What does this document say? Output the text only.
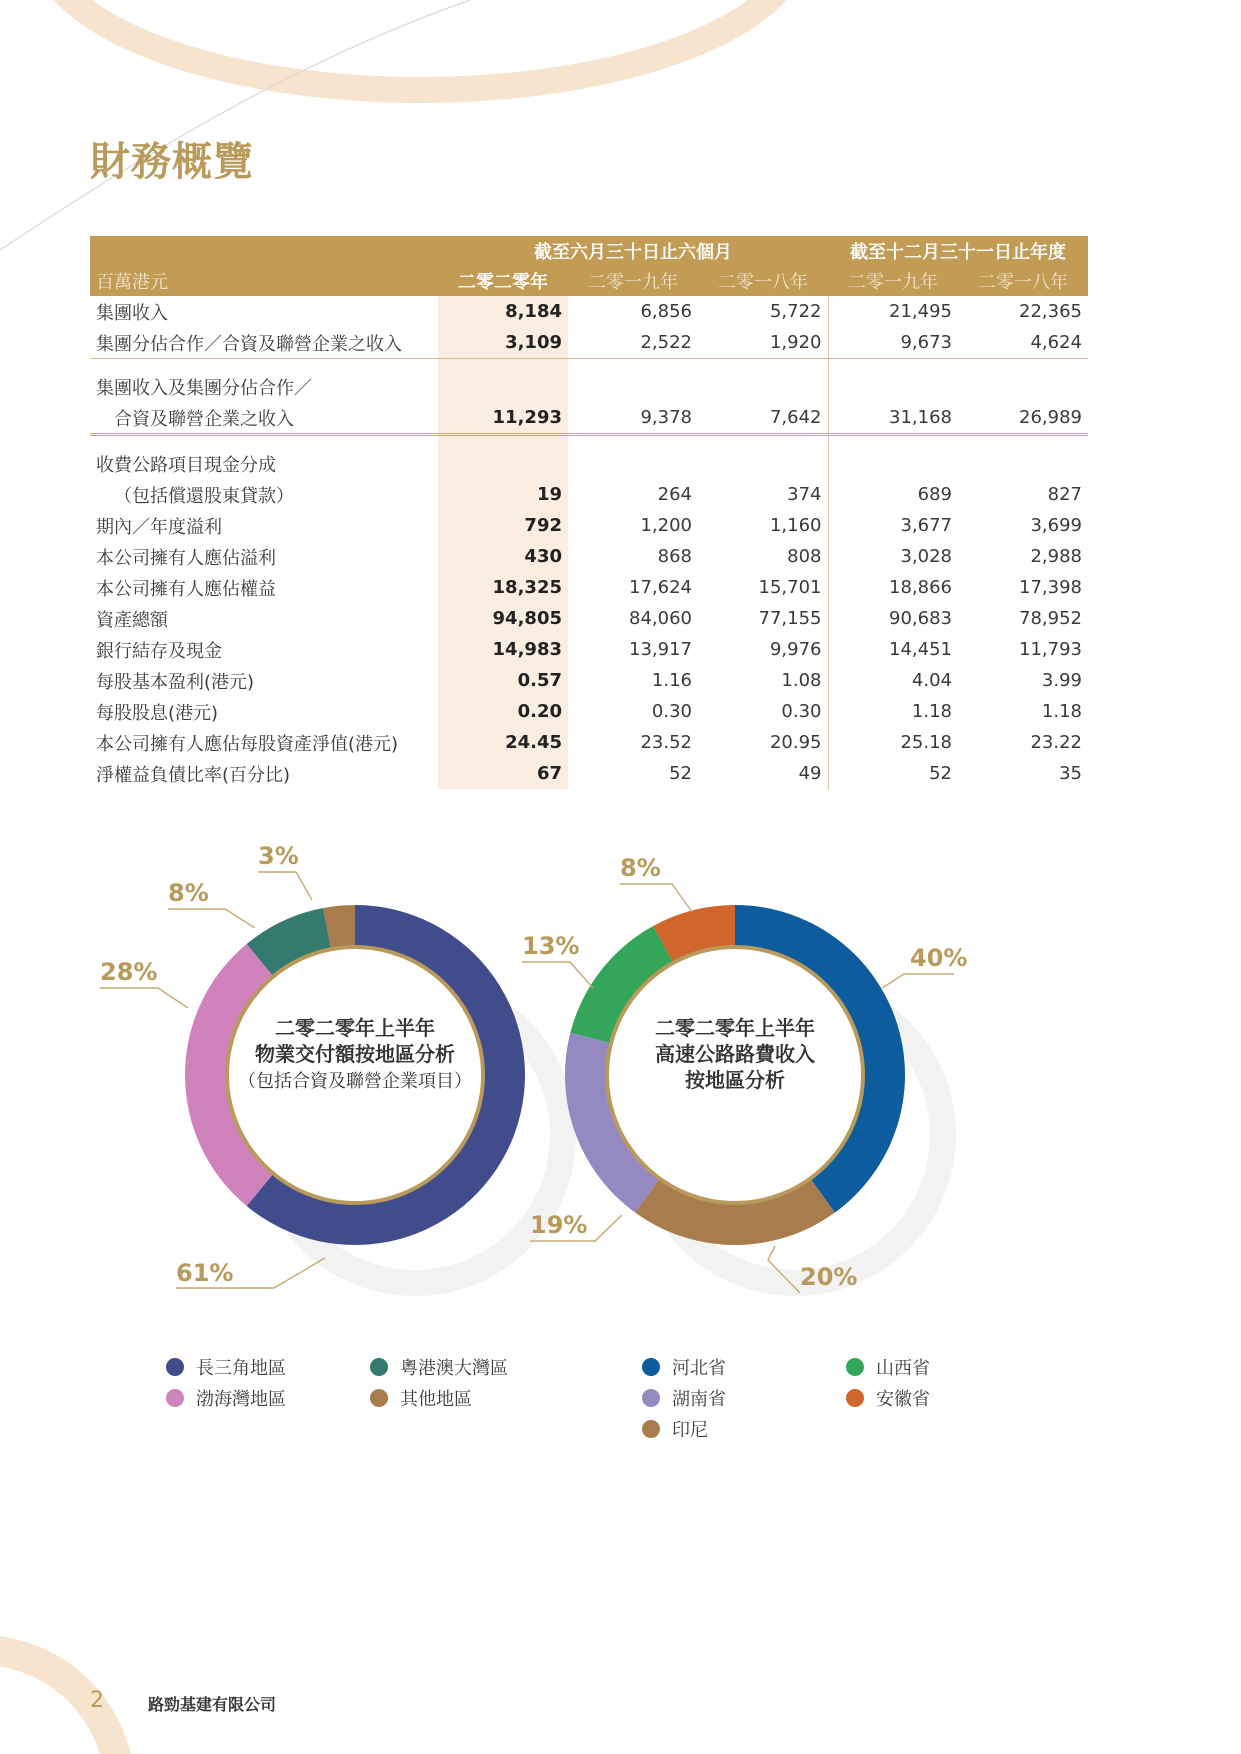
財務概覽
	截至六月三十日止六個月			截至十二月三十一日止年度	
百萬港元	二零二零年	二零一九年	二零一八年	二零一九年	二零一八年
集團收入	8,184	6,856	5,722	21,495	22,365
集團分佔合作／合資及聯營企業之收入	3,109	2,522	1,920	9,673	4,624

集團收入及集團分佔合作／					
合資及聯營企業之收入	11,293	9,378	7,642	31,168	26,989

收費公路項目現金分成					
（包括償還股東貸款）	19	264	374	689	827
期內／年度溢利	792	1,200	1,160	3,677	3,699
本公司擁有人應佔溢利	430	868	808	3,028	2,988
本公司擁有人應佔權益	18,325	17,624	15,701	18,866	17,398
資產總額	94,805	84,060	77,155	90,683	78,952
銀行結存及現金	14,983	13,917	9,976	14,451	11,793
每股基本盈利(港元)	0.57	1.16	1.08	4.04	3.99
每股股息(港元)	0.20	0.30	0.30	1.18	1.18
本公司擁有人應佔每股資產淨值(港元)	24.45	23.52	20.95	25.18	23.22
淨權益負債比率(百分比)	67	52	49	52	35
61%
28%
8%
3%
二零二零年上半年
物業交付額按地區分析
（包括合資及聯營企業項目）
40%
20%
19%
13%
8%
二零二零年上半年
高速公路路費收入
按地區分析
長三角地區	粵港澳大灣區
渤海灣地區	其他地區
河北省	山西省
湖南省	安徽省
印尼
2	路勁基建有限公司
